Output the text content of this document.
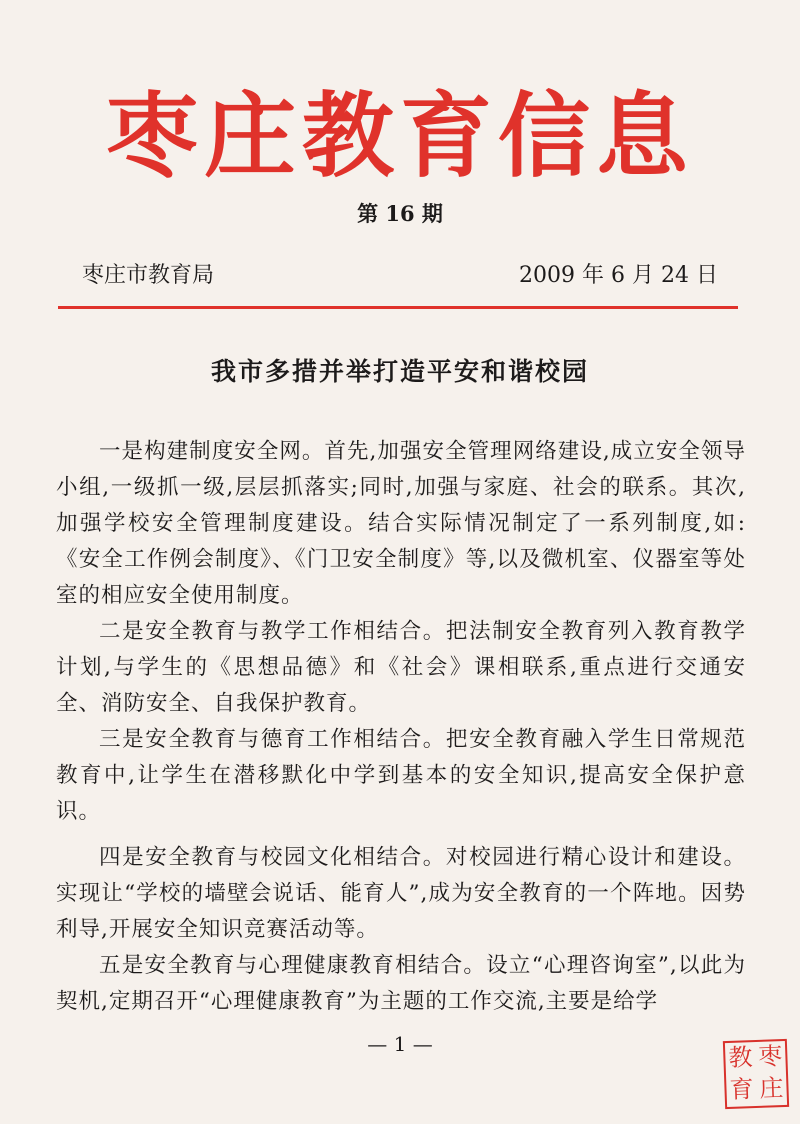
枣庄教育信息
第 16 期
枣庄市教育局	2009 年 6 月 24 日
我市多措并举打造平安和谐校园

一是构建制度安全网。首先,加强安全管理网络建设,成立安全领导小组,一级抓一级,层层抓落实;同时,加强与家庭、社会的联系。其次,加强学校安全管理制度建设。结合实际情况制定了一系列制度,如:《安全工作例会制度》、《门卫安全制度》等,以及微机室、仪器室等处室的相应安全使用制度。

二是安全教育与教学工作相结合。把法制安全教育列入教育教学计划,与学生的《思想品德》和《社会》课相联系,重点进行交通安全、消防安全、自我保护教育。

三是安全教育与德育工作相结合。把安全教育融入学生日常规范教育中,让学生在潜移默化中学到基本的安全知识,提高安全保护意识。

四是安全教育与校园文化相结合。对校园进行精心设计和建设。实现让“学校的墙壁会说话、能育人”,成为安全教育的一个阵地。因势利导,开展安全知识竞赛活动等。

五是安全教育与心理健康教育相结合。设立“心理咨询室”,以此为契机,定期召开“心理健康教育”为主题的工作交流,主要是给学

— 1 —	教 枣
育 庄
